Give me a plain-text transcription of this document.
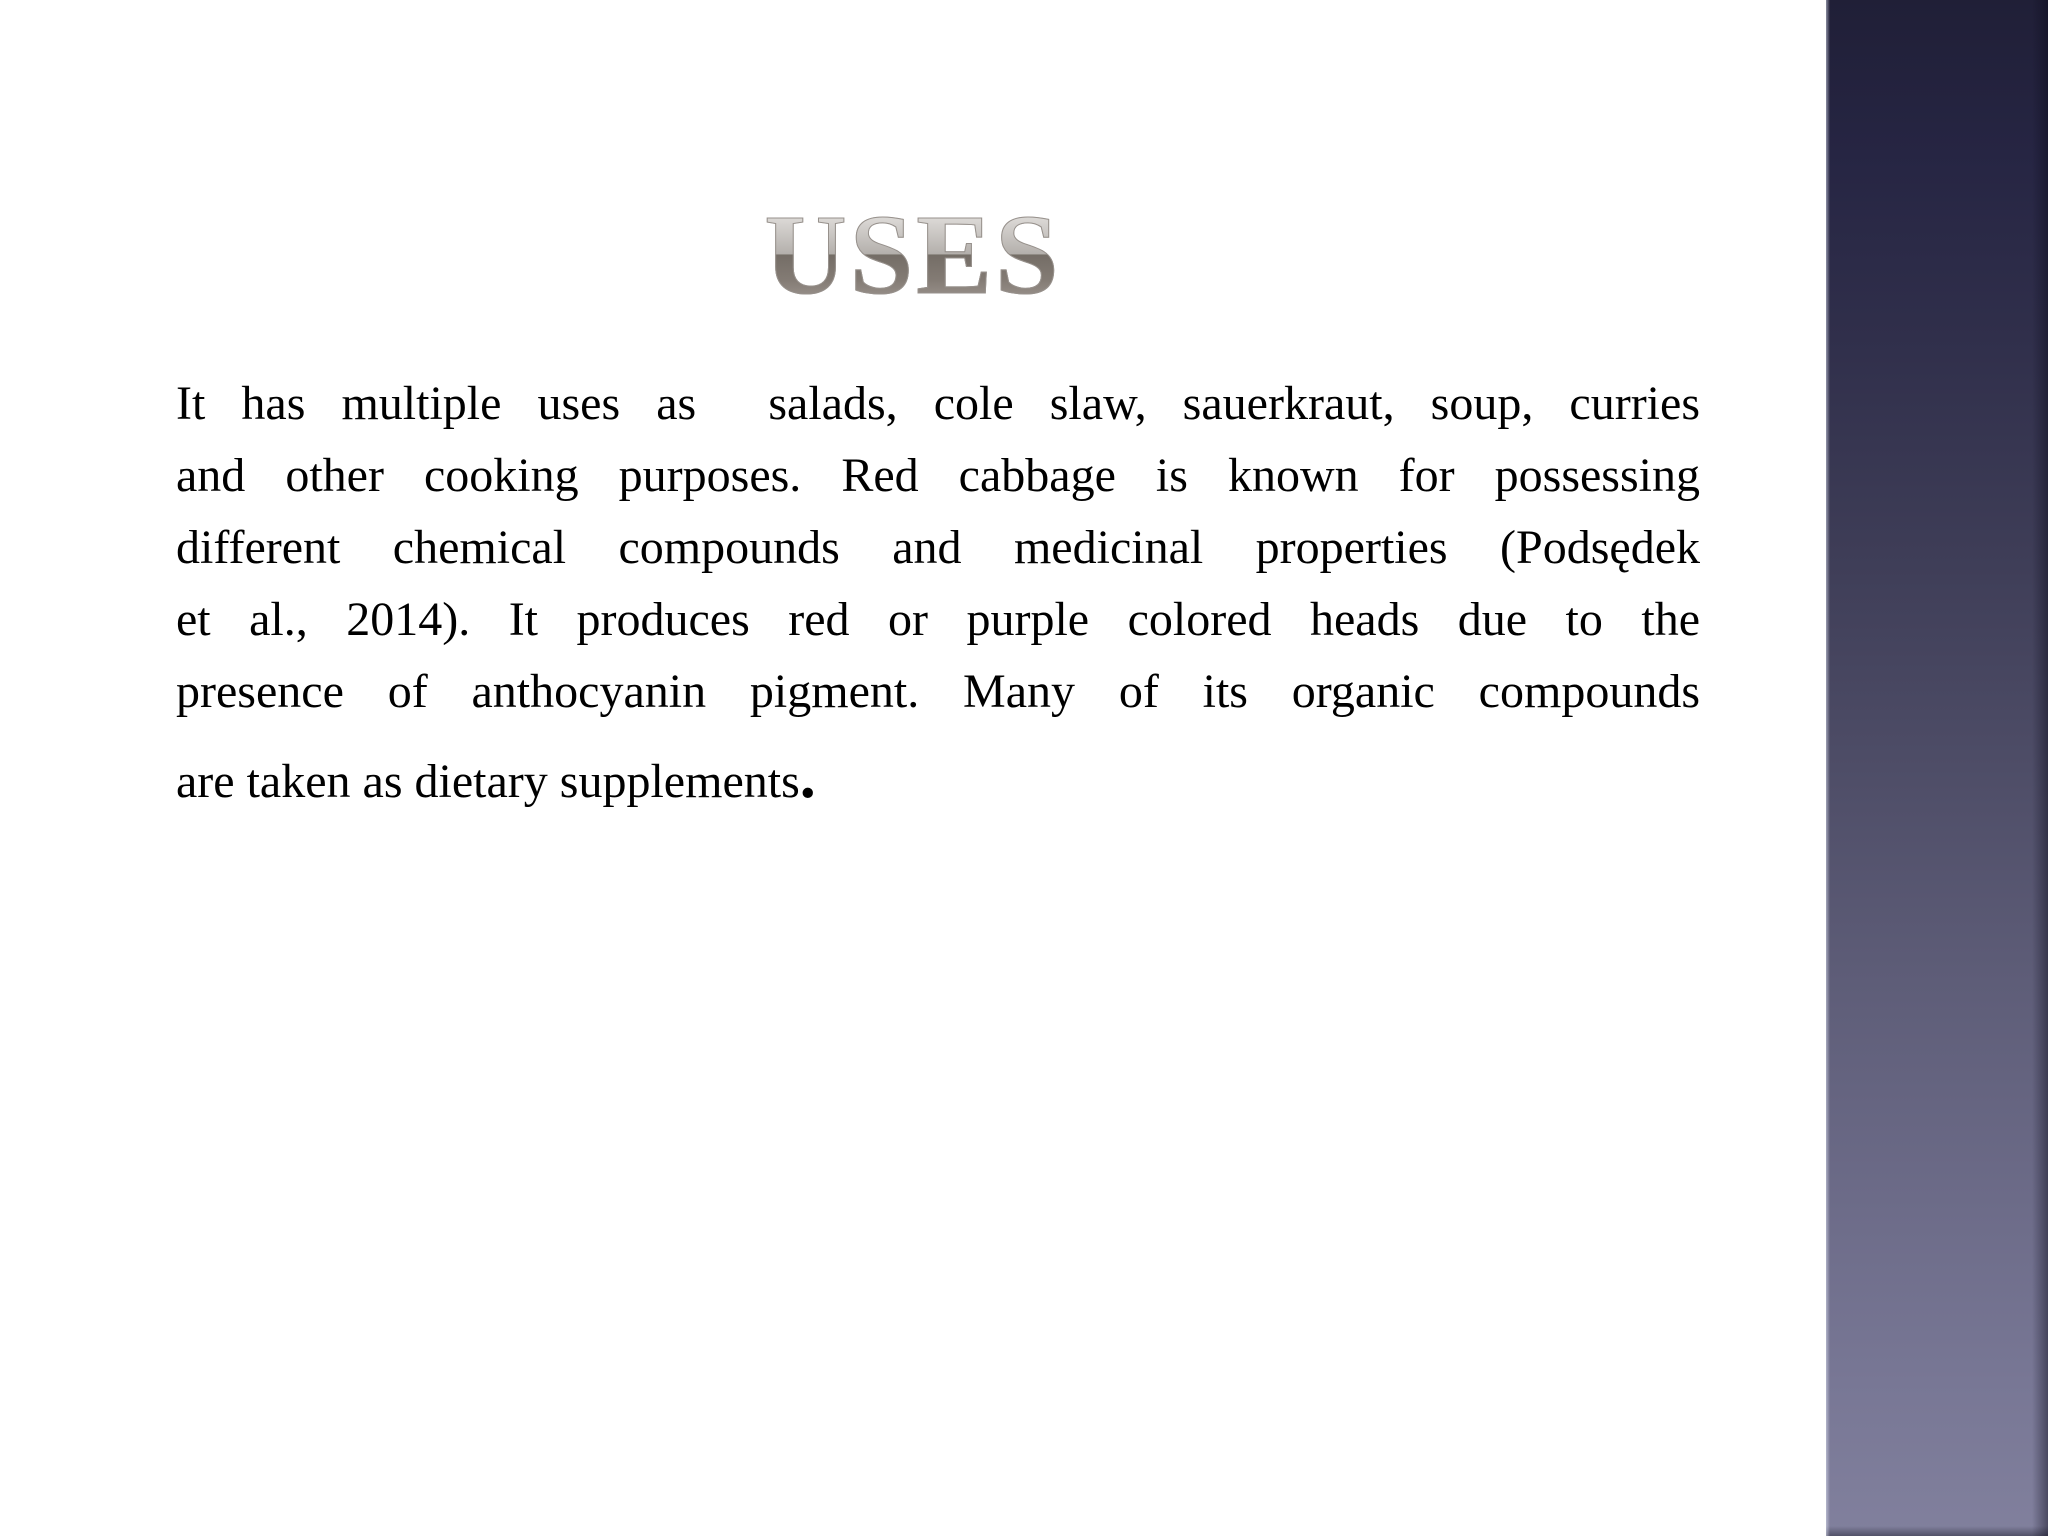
USES
It has multiple uses as  salads, cole slaw, sauerkraut, soup, curries
and other cooking purposes. Red cabbage is known for possessing
different chemical compounds and medicinal properties (Podsędek
et al., 2014). It produces red or purple colored heads due to the
presence of anthocyanin pigment. Many of its organic compounds
are taken as dietary supplements.
